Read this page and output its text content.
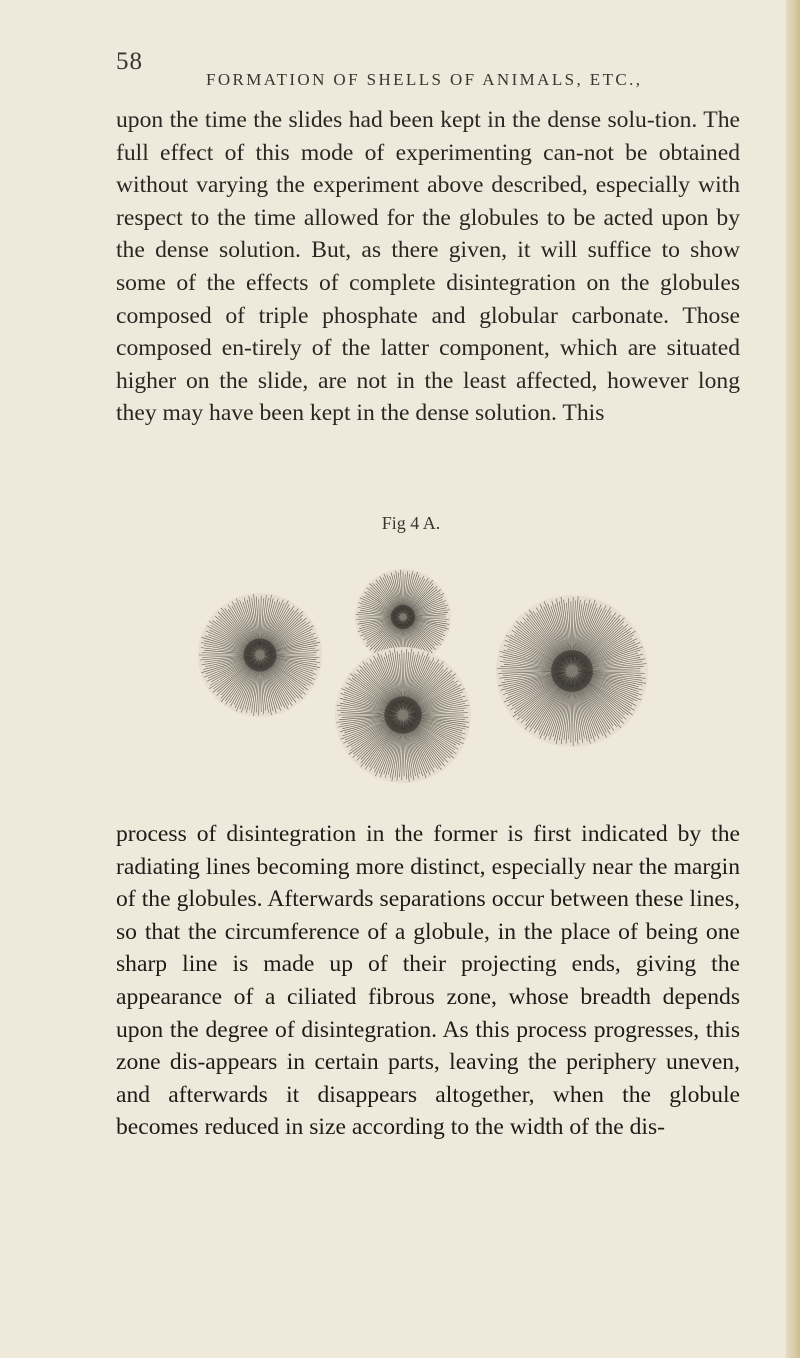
58
FORMATION OF SHELLS OF ANIMALS, ETC.,

upon the time the slides had been kept in the dense solu-tion. The full effect of this mode of experimenting can-not be obtained without varying the experiment above described, especially with respect to the time allowed for the globules to be acted upon by the dense solution. But, as there given, it will suffice to show some of the effects of complete disintegration on the globules composed of triple phosphate and globular carbonate. Those composed en-tirely of the latter component, which are situated higher on the slide, are not in the least affected, however long they may have been kept in the dense solution. This

Fig 4 A.

process of disintegration in the former is first indicated by the radiating lines becoming more distinct, especially near the margin of the globules. Afterwards separations occur between these lines, so that the circumference of a globule, in the place of being one sharp line is made up of their projecting ends, giving the appearance of a ciliated fibrous zone, whose breadth depends upon the degree of disintegration. As this process progresses, this zone dis-appears in certain parts, leaving the periphery uneven, and afterwards it disappears altogether, when the globule becomes reduced in size according to the width of the dis-
